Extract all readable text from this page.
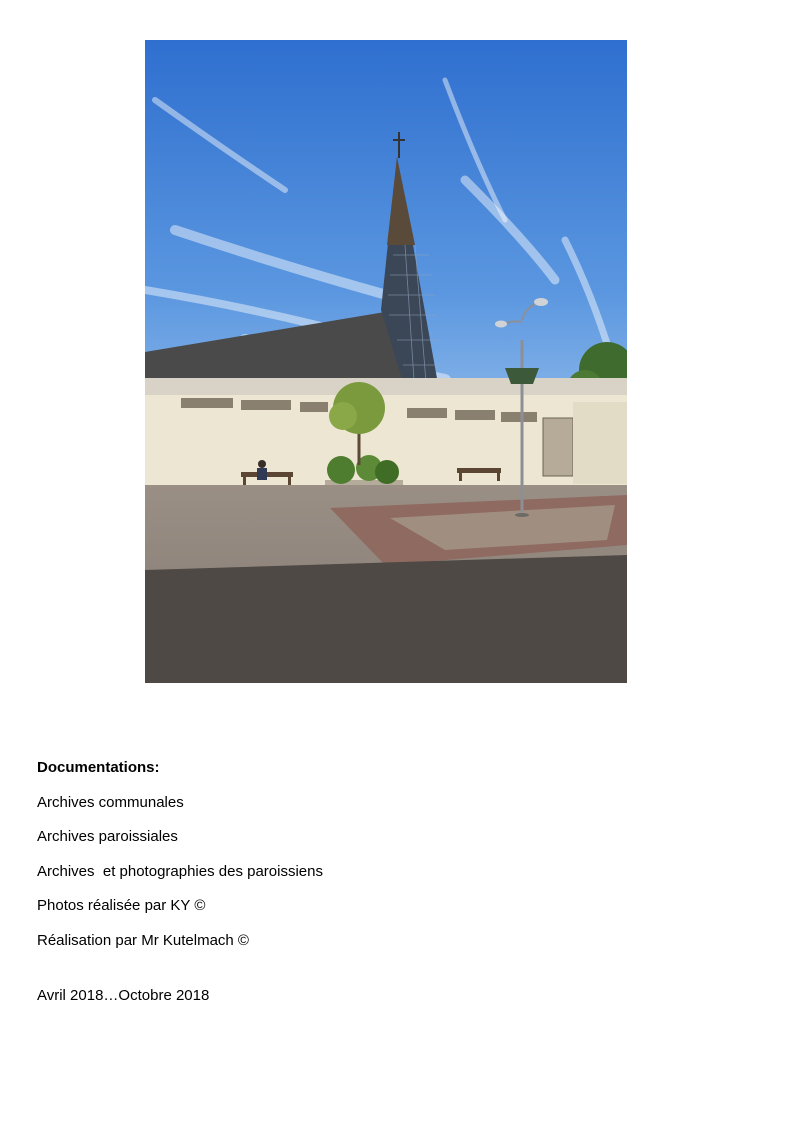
Documentations:
Archives communales
Archives paroissiales
Archives  et photographies des paroissiens
Photos réalisée par KY ©
Réalisation par Mr Kutelmach ©
Avril 2018…Octobre 2018
